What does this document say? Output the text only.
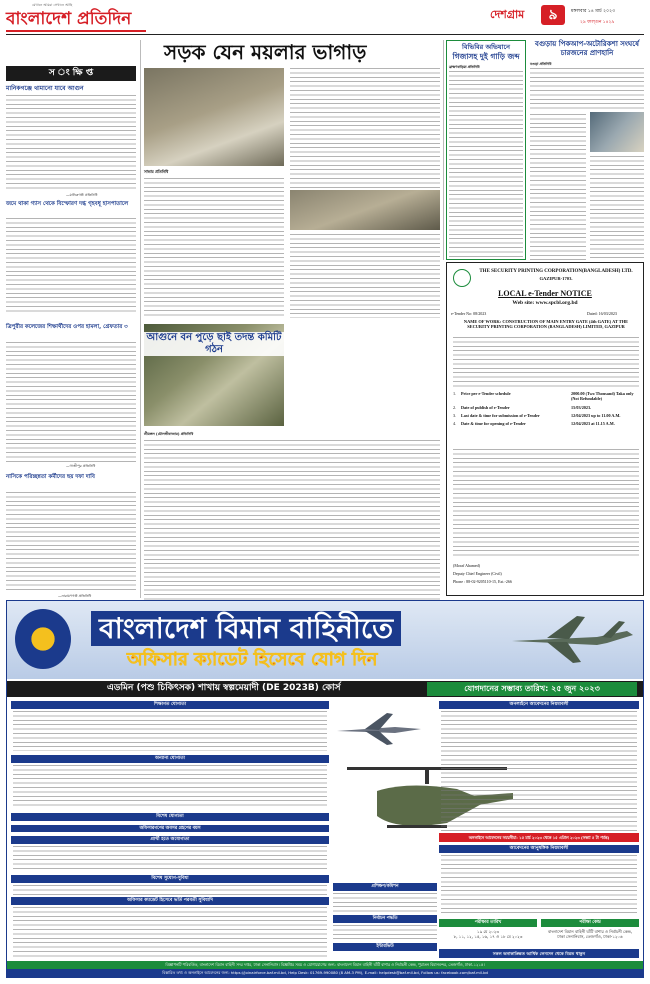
বাংলাদেশ প্রতিদিন
যেখানে আমরা সেখানে আছি
দেশগ্রাম	৯	মঙ্গলবার ১৪ মার্চ ২০২৩
২৯ ফাল্গুন ১৪২৯
স ং ক্ষি প্ত
মানিকগঞ্জে থামানো যাবে আগুন
—মানিকগঞ্জ প্রতিনিধি
জমে থাকা গ্যাস থেকে বিস্ফোরণ দগ্ধ গৃহবধূ হাসপাতালে
ত্রিপুরীর কলেজের শিক্ষার্থীদের ওপর হামলা, গ্রেফতার ৩
—গাজীপুর প্রতিনিধি
নাসিকে পরিচ্ছন্নতা কর্মীদের ছয় দফা দাবি
—নারায়ণগঞ্জ প্রতিনিধি
সড়ক যেন ময়লার ভাগাড়
সাভার প্রতিনিধি
আগুনে বন পুড়ে ছাই তদন্ত কমিটি গঠন
শ্রীমঙ্গল (মৌলভীবাজার) প্রতিনিধি
বিভিবির অভিযানে
গিজাসহ দুই গাড়ি জব্দ
ব্রাহ্মণবাড়িয়া প্রতিনিধি
বগুড়ায় পিকআপ-অটোরিকশা সংঘর্ষে চারজনের প্রাণহানি
বগুড়া প্রতিনিধি
THE SECURITY PRINTING CORPORATION(BANGLADESH) LTD.
GAZIPUR-1703.
LOCAL e-Tender NOTICE
Web site: www.spcbl.org.bd
e-Tender No: 08/2023	Dated: 16/03/2023
NAME OF WORK: CONSTRUCTION OF MAIN ENTRY GATE (4th GATE) AT THE SECURITY PRINTING CORPORATION (BANGLADESH) LIMITED, GAZIPUR
1. Price per e-Tender schedule	2000.00 (Two Thousand) Taka only (Not Refundable)
2. Date of publish of e-Tender	15/03/2023.
3. Last date & time for submission of e-Tender	12/04/2023 up to 11.00 A.M.
4. Date & time for opening of e-Tender	12/04/2023 at 11.15 A.M.
(Moraf Ahamed)
Deputy Chief Engineer (Civil)
Phone : 88-02-9205110-15, Ext.-266
বাংলাদেশ বিমান বাহিনীতে
অফিসার ক্যাডেট হিসেবে যোগ দিন
এডমিন (পশু চিকিৎসক) শাখায় স্বল্পমেয়াদী (DE 2023B) কোর্স	যোগদানের সম্ভাব্য তারিখ: ২৫ জুন ২০২৩
শিক্ষাগত যোগ্যতা
অন্যান্য যোগ্যতা
বিশেষ যোগ্যতা
অফিসারগণের অবসর গ্রহণের বয়স
প্রার্থী হতে অযোগ্যতা
বিশেষ সুযোগ-সুবিধা
অফিসার ক্যাডেট হিসেবে ভর্তি পরবর্তী সুবিধাদি
প্রশিক্ষণ/কমিশন
নির্বাচন পদ্ধতি
ইন্টারভিউ
অনলাইনে আবেদনের নিয়মাবলী
অনলাইনে আবেদনের সময়সীমা: ১৫ মার্চ ২০২৩ থেকে ১৫ এপ্রিল ২০২৩ (সন্ধ্যা ৫ টা পর্যন্ত)
আবেদনের আনুষঙ্গিক নিয়মাবলী
পরীক্ষার তারিখ	পরীক্ষা কেন্দ্র
১৯ মে ২০২৩
৮, ১১, ১২, ১৫, ১৬, ১৭ ও ১৮ মে ২০২৩
বাংলাদেশ বিমান বাহিনী ঘাঁটি বাশার ও নির্বাচনী কেন্দ্র,
ঢাকা সেনানিবাস, তেজগাঁও, ঢাকা-১২০৬
সকল অনাকাঙ্ক্ষিত আর্থিক লেনদেন থেকে বিরত থাকুন
বিজ্ঞাপনটি পরিবর্তিত, বাংলাদেশ বিমান বাহিনী সদর দপ্তর, ঢাকা সেনানিবাস। বিজ্ঞপ্তির সময় ও যোগাযোগের জন্য: বাংলাদেশ বিমান বাহিনী ঘাঁটি বাশার ও নির্বাচনী কেন্দ্র, পুরাতন বিমানবন্দর, তেজগাঁও, ঢাকা-১২১৫।
বিস্তারিত তথ্য ও অনলাইনে আবেদনের জন্য: https://joinairforce.baf.mil.bd, Help Desk: 01769-990080 (8 AM-3 PM), E-mail: helpdesk@baf.mil.bd, Follow us: facebook.com/baf.mil.bd
